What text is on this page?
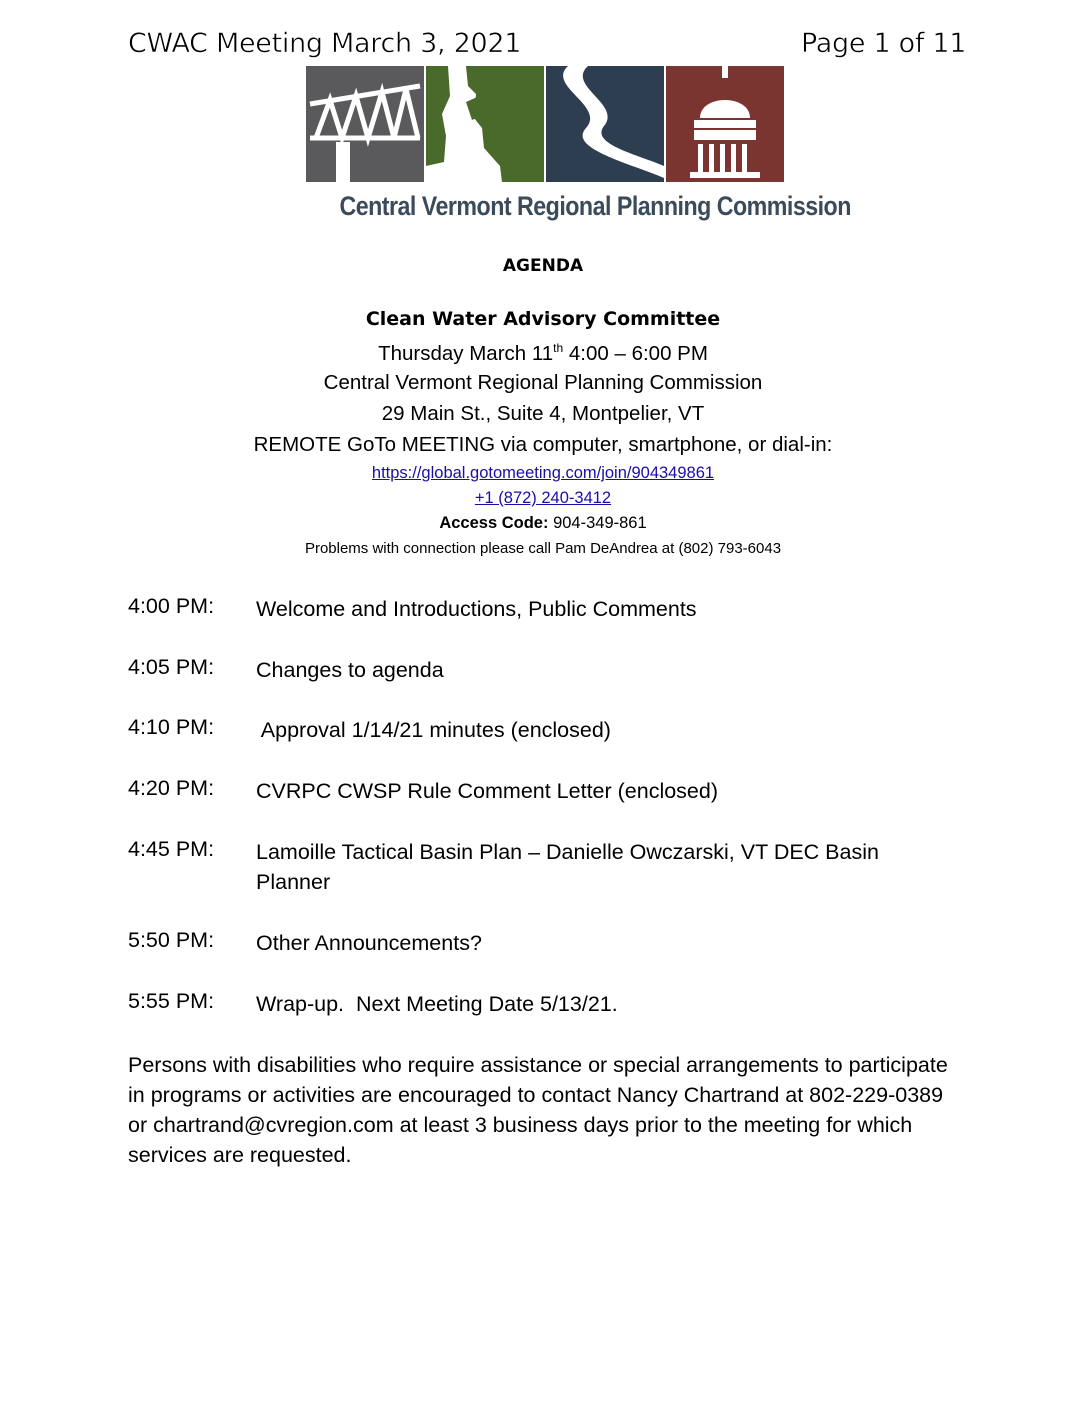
CWAC Meeting March 3, 2021	Page 1 of 11
Central Vermont Regional Planning Commission
AGENDA
Clean Water Advisory Committee
Thursday March 11th 4:00 – 6:00 PM
Central Vermont Regional Planning Commission
29 Main St., Suite 4, Montpelier, VT
REMOTE GoTo MEETING via computer, smartphone, or dial-in:
https://global.gotomeeting.com/join/904349861
+1 (872) 240-3412
Access Code: 904-349-861
Problems with connection please call Pam DeAndrea at (802) 793-6043
4:00 PM:	Welcome and Introductions, Public Comments
4:05 PM:	Changes to agenda
4:10 PM:	Approval 1/14/21 minutes (enclosed)
4:20 PM:	CVRPC CWSP Rule Comment Letter (enclosed)
4:45 PM:	Lamoille Tactical Basin Plan – Danielle Owczarski, VT DEC Basin Planner
5:50 PM:	Other Announcements?
5:55 PM:	Wrap-up.  Next Meeting Date 5/13/21.
Persons with disabilities who require assistance or special arrangements to participate in programs or activities are encouraged to contact Nancy Chartrand at 802-229-0389 or chartrand@cvregion.com at least 3 business days prior to the meeting for which services are requested.
